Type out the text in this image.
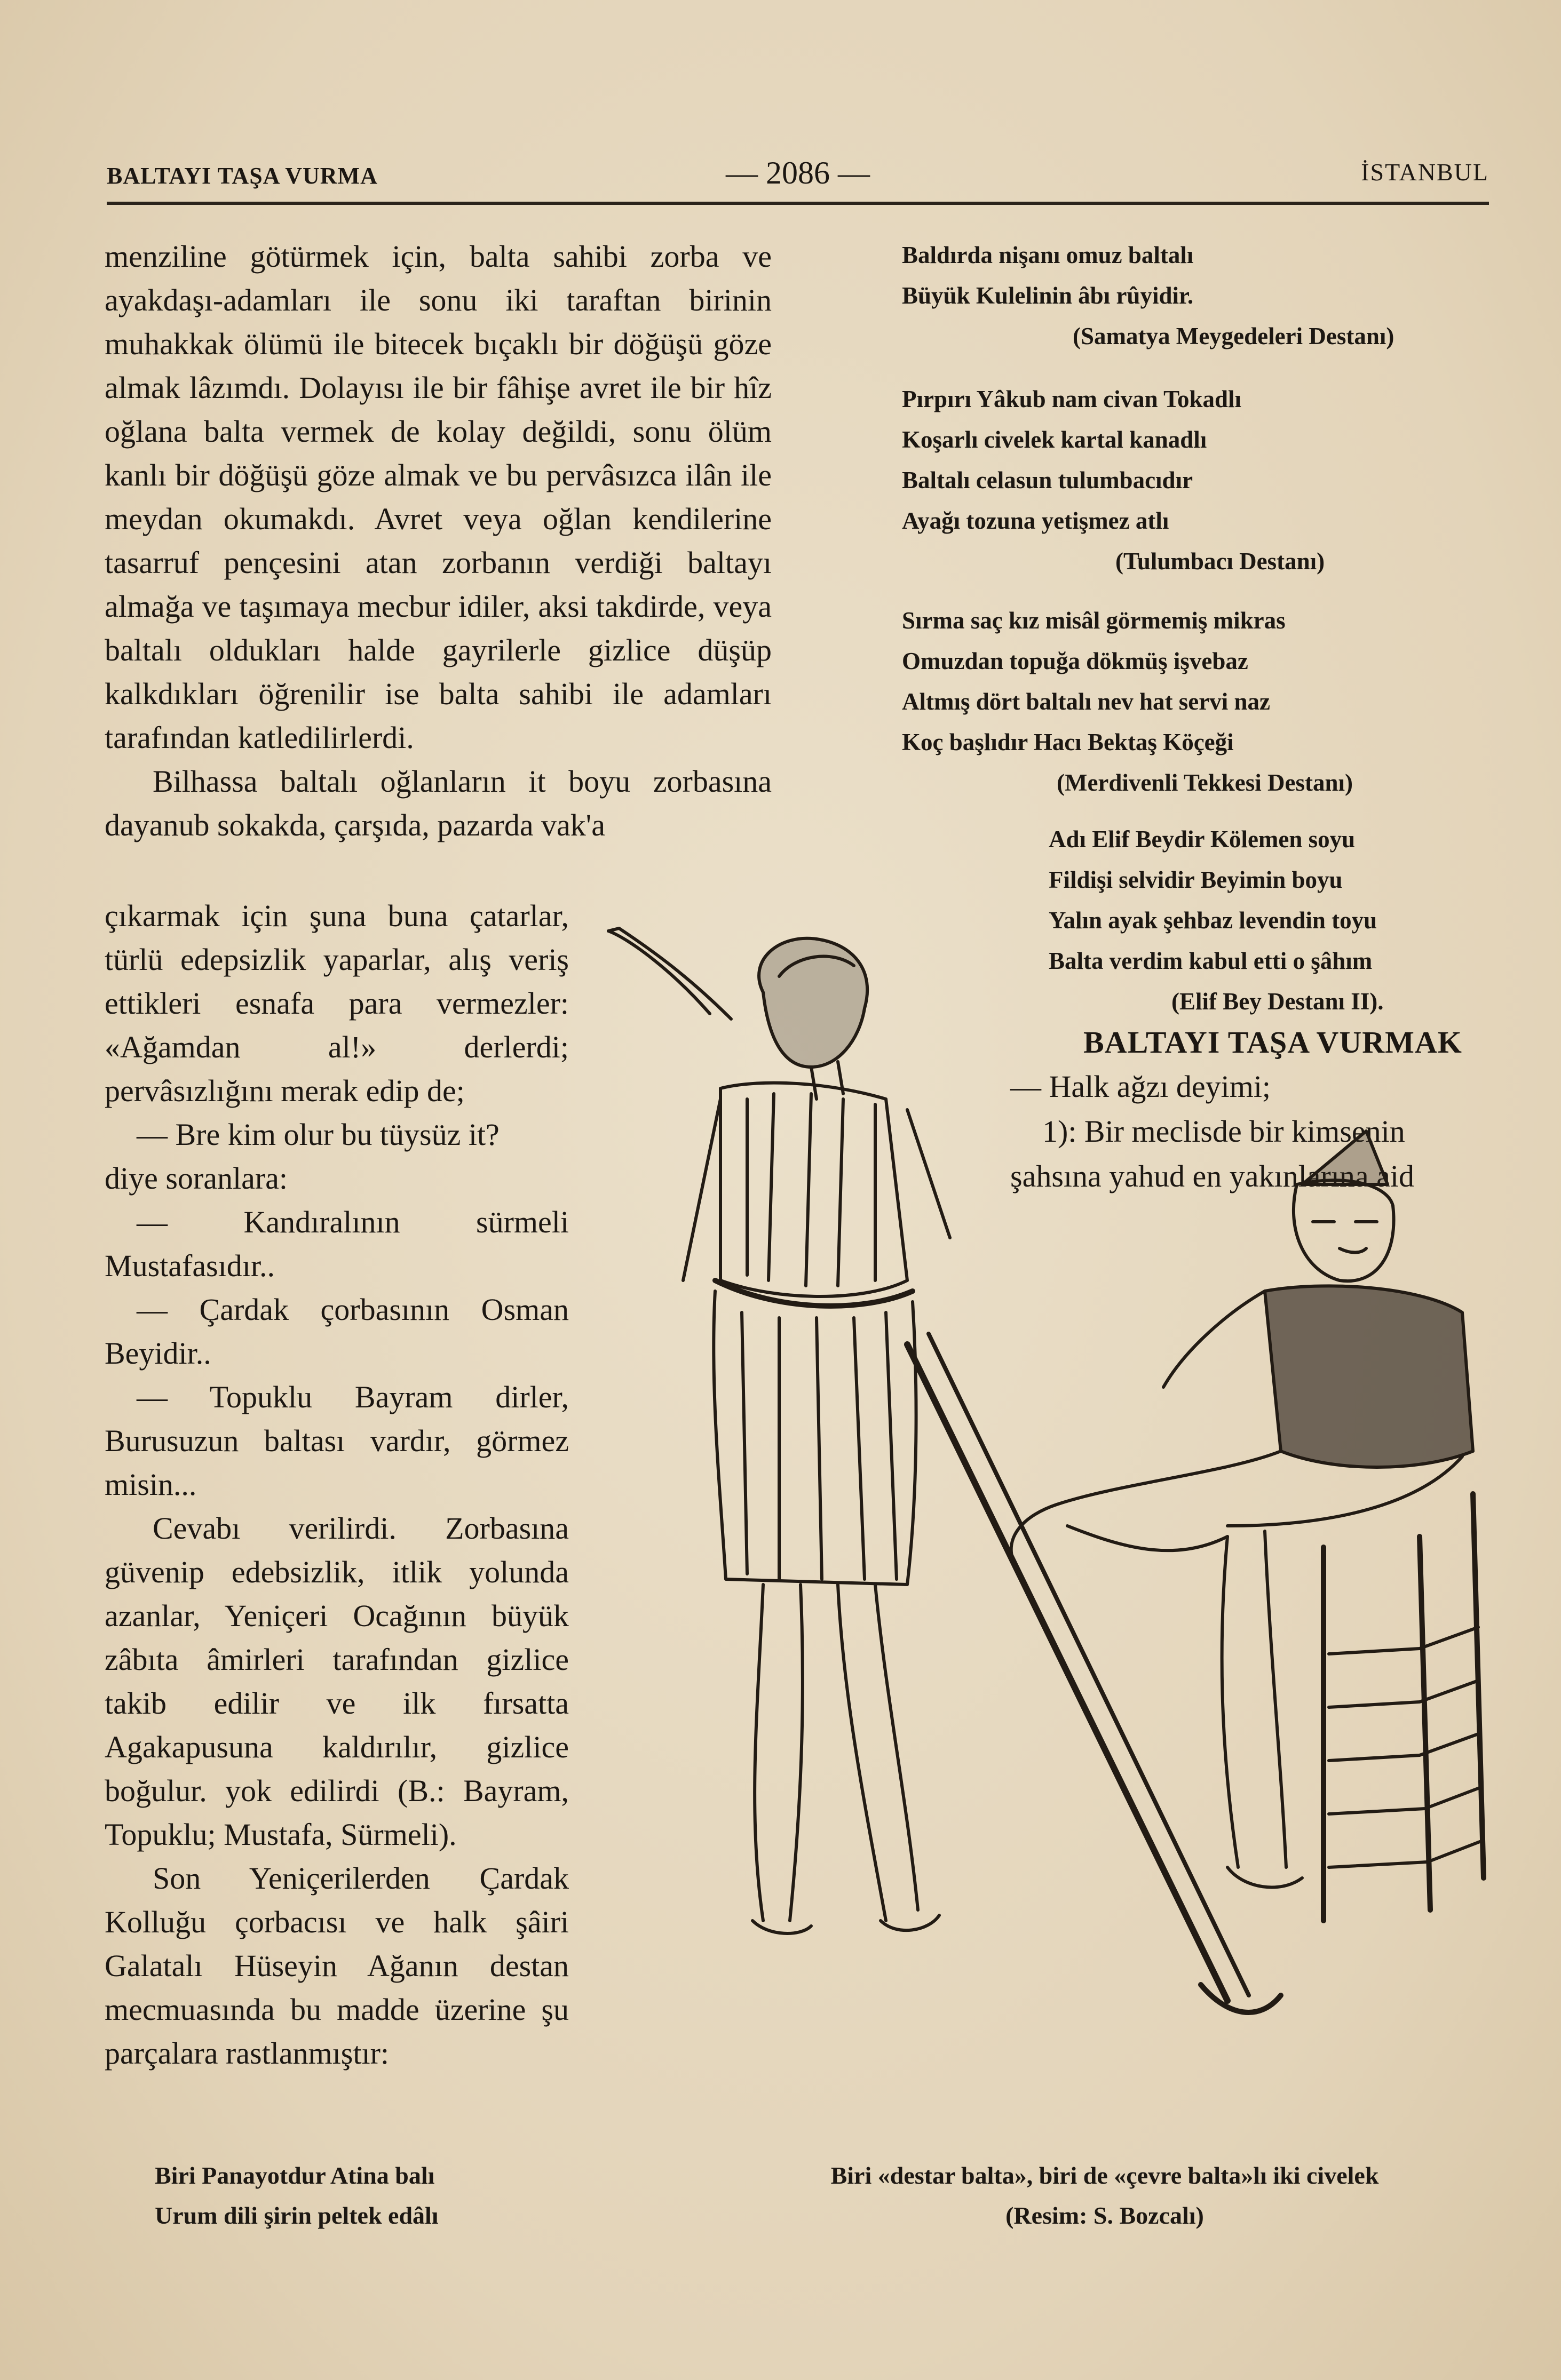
BALTAYI TAŞA VURMA	— 2086 —	İSTANBUL

menziline götürmek için, balta sahibi zorba ve ayakdaşı-adamları ile sonu iki taraftan birinin muhakkak ölümü ile bitecek bıçaklı bir döğüşü göze almak lâzımdı. Dolayısı ile bir fâhişe avret ile bir hîz oğlana balta vermek de kolay değildi, sonu ölüm kanlı bir döğüşü göze almak ve bu pervâsızca ilân ile meydan okumakdı. Avret veya oğlan kendilerine tasarruf pençesini atan zorbanın verdiği baltayı almağa ve taşımaya mecbur idiler, aksi takdirde, veya baltalı oldukları halde gayrilerle gizlice düşüp kalkdıkları öğrenilir ise balta sahibi ile adamları tarafından katledilirlerdi.

Bilhassa baltalı oğlanların it boyu zorbasına dayanub sokakda, çarşıda, pazarda vak'a

çıkarmak için şuna buna çatarlar, türlü edepsizlik yaparlar, alış veriş ettikleri esnafa para vermezler: «Ağamdan al!» derlerdi; pervâsızlığını merak edip de;

— Bre kim olur bu tüysüz it?

diye soranlara:

— Kandıralının sürmeli Mustafasıdır..

— Çardak çorbasının Osman Beyidir..

— Topuklu Bayram dirler, Burusuzun baltası vardır, görmez misin...

Cevabı verilirdi. Zorbasına güvenip edebsizlik, itlik yolunda azanlar, Yeniçeri Ocağının büyük zâbıta âmirleri tarafından gizlice takib edilir ve ilk fırsatta Agakapusuna kaldırılır, gizlice boğulur. yok edilirdi (B.: Bayram, Topuklu; Mustafa, Sürmeli).

Son Yeniçerilerden Çardak Kolluğu çorbacısı ve halk şâiri Galatalı Hüseyin Ağanın destan mecmuasında bu madde üzerine şu parçalara rastlanmıştır:

Biri Panayotdur Atina balı
Urum dili şirin peltek edâlı
Baldırda nişanı omuz baltalı
Büyük Kulelinin âbı rûyidir.
(Samatya Meygedeleri Destanı)
Pırpırı Yâkub nam civan Tokadlı
Koşarlı civelek kartal kanadlı
Baltalı celasun tulumbacıdır
Ayağı tozuna yetişmez atlı
(Tulumbacı Destanı)
Sırma saç kız misâl görmemiş mikras
Omuzdan topuğa dökmüş işvebaz
Altmış dört baltalı nev hat servi naz
Koç başlıdır Hacı Bektaş Köçeği
(Merdivenli Tekkesi Destanı)
Adı Elif Beydir Kölemen soyu
Fildişi selvidir Beyimin boyu
Yalın ayak şehbaz levendin toyu
Balta verdim kabul etti o şâhım
(Elif Bey Destanı II).
BALTAYI TAŞA VURMAK

— Halk ağzı deyimi;

1): Bir meclisde bir kimsenin

şahsına yahud en yakınlarına aid

Biri «destar balta», biri de «çevre balta»lı iki civelek
(Resim: S. Bozcalı)
